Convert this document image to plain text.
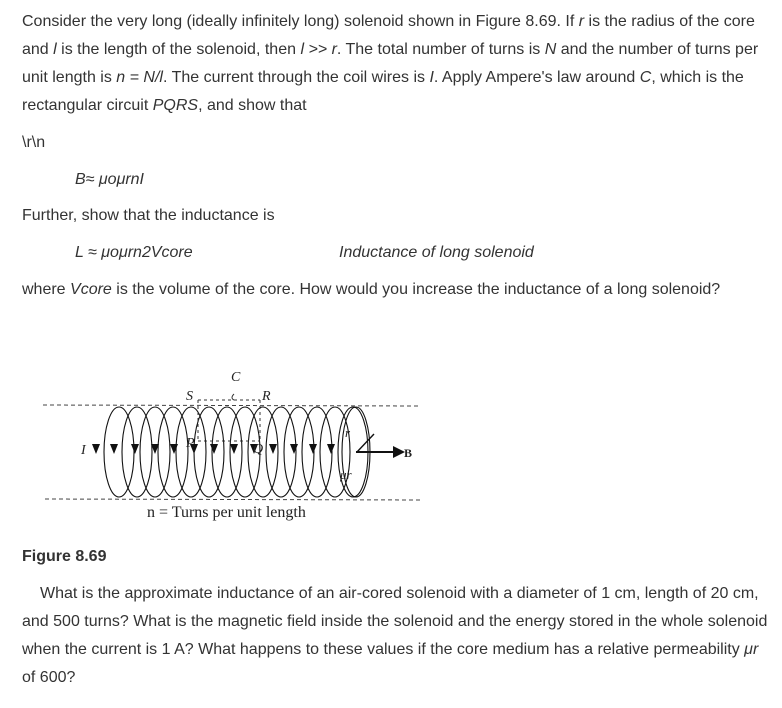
Consider the very long (ideally infinitely long) solenoid shown in Figure 8.69. If r is the radius of the core and l is the length of the solenoid, then l >> r. The total number of turns is N and the number of turns per unit length is n = N/l. The current through the coil wires is I. Apply Ampere's law around C, which is the rectangular circuit PQRS, and show that

\r\n
B≈ μoμrnI
Further, show that the inductance is
L ≈ μoμrn2Vcore	Inductance of long solenoid

where Vcore is the volume of the core. How would you increase the inductance of a long solenoid?

C
S	R
I	P	Q
r
μr
B
n = Turns per unit length
Figure 8.69

What is the approximate inductance of an air-cored solenoid with a diameter of 1 cm, length of 20 cm, and 500 turns? What is the magnetic field inside the solenoid and the energy stored in the whole solenoid when the current is 1 A? What happens to these values if the core medium has a relative permeability μr of 600?
